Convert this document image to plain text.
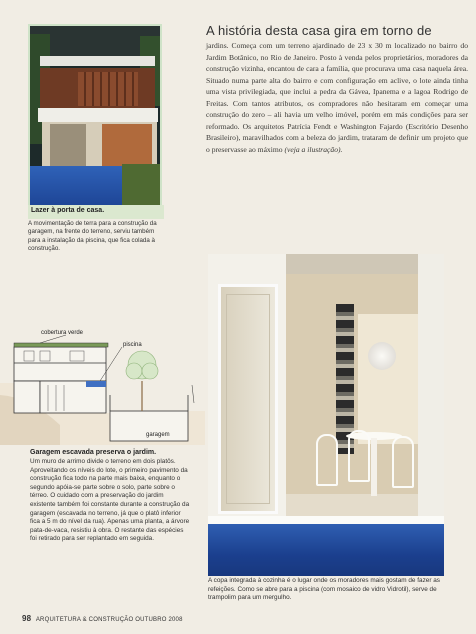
Lazer à porta de casa.
A movimentação de terra para a construção da garagem, na frente do terreno, serviu também para a instalação da piscina, que fica colada à construção.
A história desta casa gira em torno de
jardins. Começa com um terreno ajardinado de 23 x 30 m localizado no bairro do Jardim Botânico, no Rio de Janeiro. Posto à venda pelos proprietários, moradores da construção vizinha, encantou de cara a família, que procurava uma casa naquela área. Situado numa parte alta do bairro e com configuração em aclive, o lote ainda tinha uma vista privilegiada, que inclui a pedra da Gávea, Ipanema e a lagoa Rodrigo de Freitas. Com tantos atributos, os compradores não hesitaram em começar uma construção do zero – ali havia um velho imóvel, porém em más condições para ser reformado. Os arquitetos Patrícia Fendt e Washington Fajardo (Escritório Desenho Brasileiro), maravilhados com a beleza do jardim, trataram de definir um projeto que o preservasse ao máximo (veja a ilustração).
cobertura verde
piscina
garagem
Garagem escavada preserva o jardim.
Um muro de arrimo divide o terreno em dois platôs. Aproveitando os níveis do lote, o primeiro pavimento da construção fica todo na parte mais baixa, enquanto o segundo apóia-se parte sobre o solo, parte sobre o térreo. O cuidado com a preservação do jardim existente também foi constante durante a construção da garagem (escavada no terreno, já que o platô inferior fica a 5 m do nível da rua). Apenas uma planta, a árvore pata-de-vaca, resistiu à obra. O restante das espécies foi retirado para ser replantado em seguida.
A copa integrada à cozinha é o lugar onde os moradores mais gostam de fazer as refeições. Como se abre para a piscina (com mosaico de vidro Vidrotil), serve de trampolim para um mergulho.
98 ARQUITETURA & CONSTRUÇÃO OUTUBRO 2008
